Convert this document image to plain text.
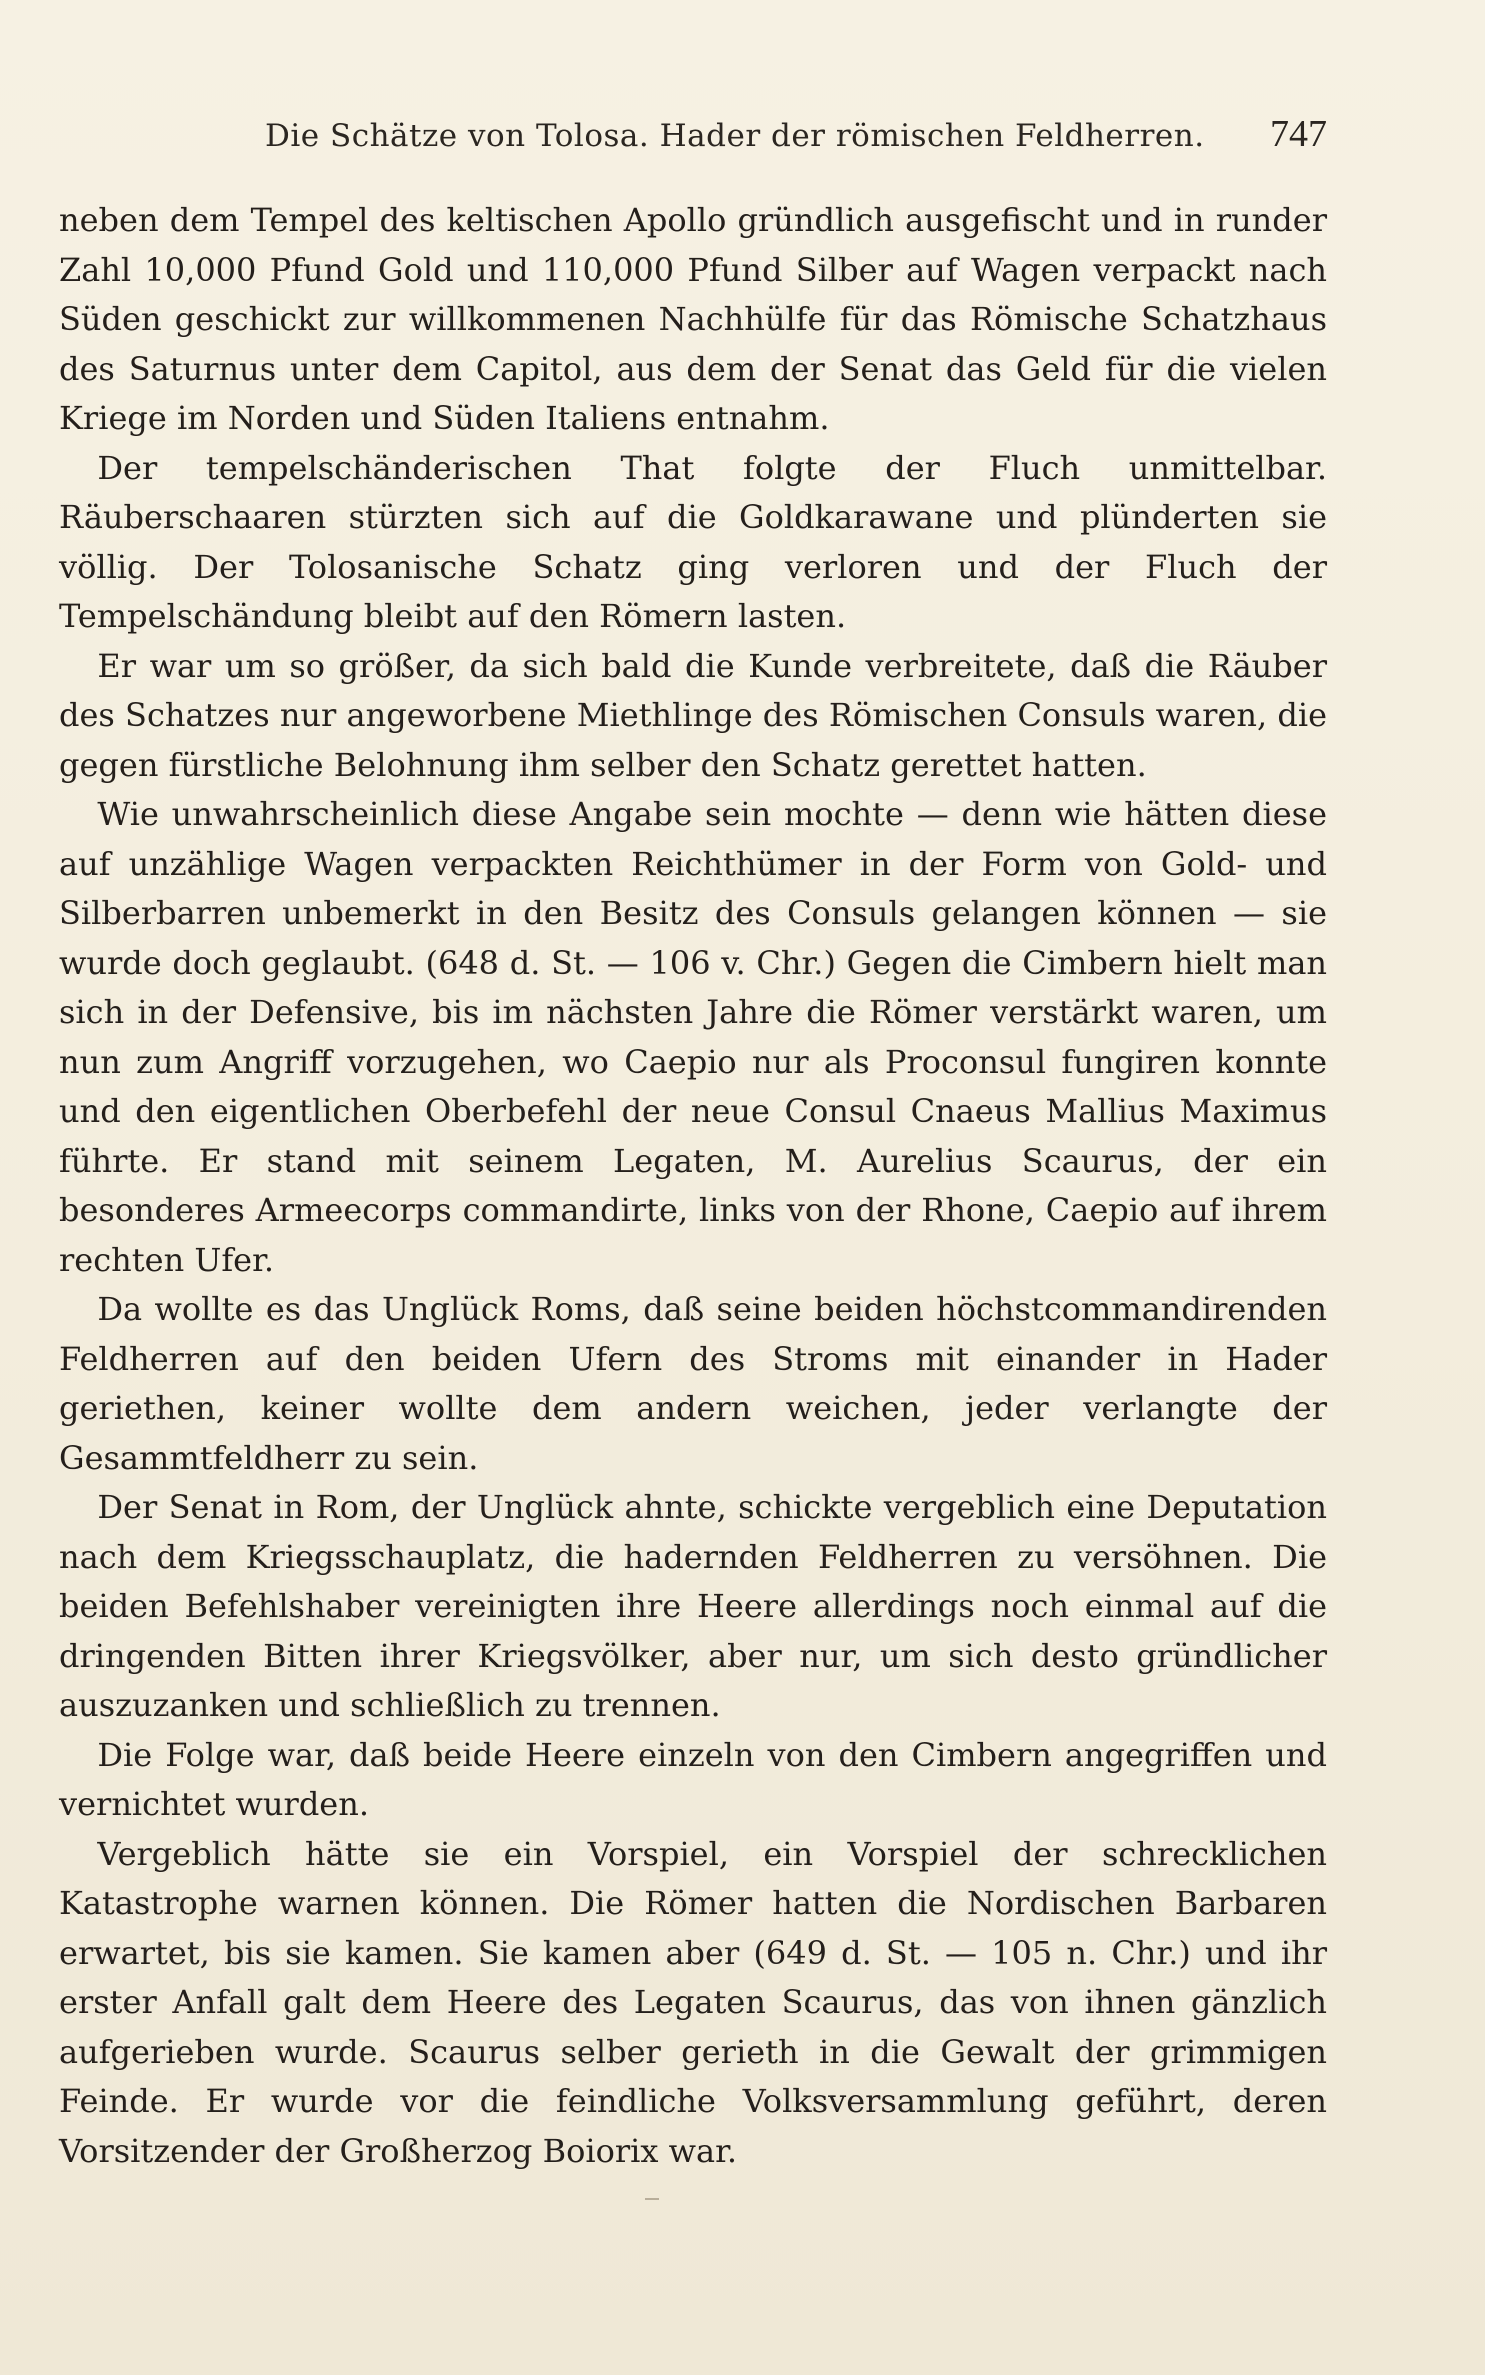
Die Schätze von Tolosa. Hader der römischen Feldherren. 747

neben dem Tempel des keltischen Apollo gründlich ausgefischt und in runder Zahl 10,000 Pfund Gold und 110,000 Pfund Silber auf Wagen verpackt nach Süden geschickt zur willkommenen Nachhülfe für das Römische Schatzhaus des Saturnus unter dem Capitol, aus dem der Senat das Geld für die vielen Kriege im Norden und Süden Italiens entnahm.

Der tempelschänderischen That folgte der Fluch unmittelbar. Räuberschaaren stürzten sich auf die Goldkarawane und plünderten sie völlig. Der Tolosanische Schatz ging verloren und der Fluch der Tempelschändung bleibt auf den Römern lasten.

Er war um so größer, da sich bald die Kunde verbreitete, daß die Räuber des Schatzes nur angeworbene Miethlinge des Römischen Consuls waren, die gegen fürstliche Belohnung ihm selber den Schatz gerettet hatten.

Wie unwahrscheinlich diese Angabe sein mochte — denn wie hätten diese auf unzählige Wagen verpackten Reichthümer in der Form von Gold- und Silberbarren unbemerkt in den Besitz des Consuls gelangen können — sie wurde doch geglaubt. (648 d. St. — 106 v. Chr.) Gegen die Cimbern hielt man sich in der Defensive, bis im nächsten Jahre die Römer verstärkt waren, um nun zum Angriff vorzugehen, wo Caepio nur als Proconsul fungiren konnte und den eigentlichen Oberbefehl der neue Consul Cnaeus Mallius Maximus führte. Er stand mit seinem Legaten, M. Aurelius Scaurus, der ein besonderes Armeecorps commandirte, links von der Rhone, Caepio auf ihrem rechten Ufer.

Da wollte es das Unglück Roms, daß seine beiden höchstcommandirenden Feldherren auf den beiden Ufern des Stroms mit einander in Hader geriethen, keiner wollte dem andern weichen, jeder verlangte der Gesammtfeldherr zu sein.

Der Senat in Rom, der Unglück ahnte, schickte vergeblich eine Deputation nach dem Kriegsschauplatz, die hadernden Feldherren zu versöhnen. Die beiden Befehlshaber vereinigten ihre Heere allerdings noch einmal auf die dringenden Bitten ihrer Kriegsvölker, aber nur, um sich desto gründlicher auszuzanken und schließlich zu trennen.

Die Folge war, daß beide Heere einzeln von den Cimbern angegriffen und vernichtet wurden.

Vergeblich hätte sie ein Vorspiel, ein Vorspiel der schrecklichen Katastrophe warnen können. Die Römer hatten die Nordischen Barbaren erwartet, bis sie kamen. Sie kamen aber (649 d. St. — 105 n. Chr.) und ihr erster Anfall galt dem Heere des Legaten Scaurus, das von ihnen gänzlich aufgerieben wurde. Scaurus selber gerieth in die Gewalt der grimmigen Feinde. Er wurde vor die feindliche Volksversammlung geführt, deren Vorsitzender der Großherzog Boiorix war.
